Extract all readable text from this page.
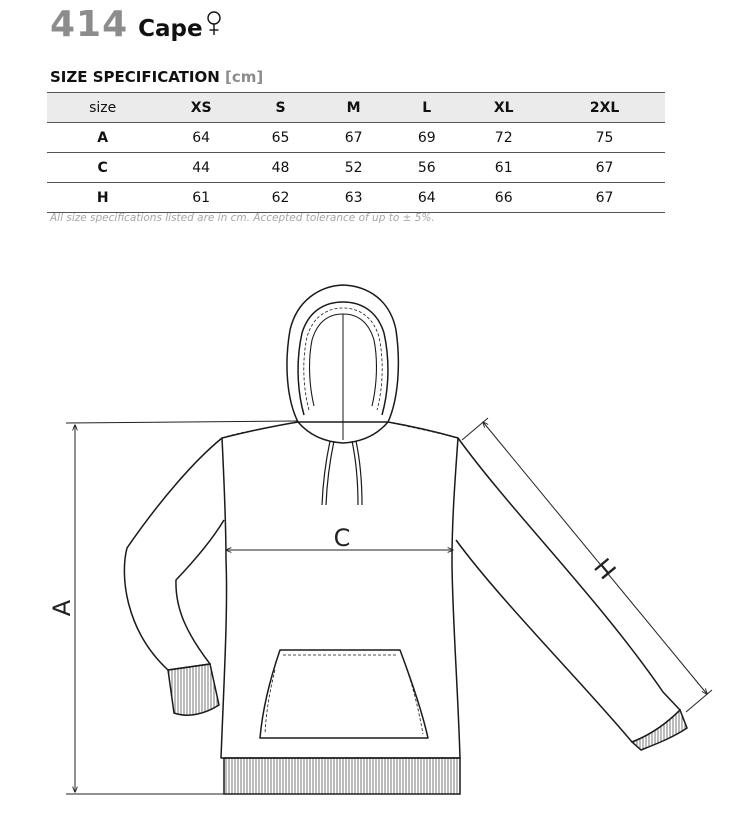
414 Cape
SIZE SPECIFICATION [cm]
size	XS	S	M	L	XL	2XL
A	64	65	67	69	72	75
C	44	48	52	56	61	67
H	61	62	63	64	66	67
All size specifications listed are in cm. Accepted tolerance of up to ± 5%.
A
C
H
